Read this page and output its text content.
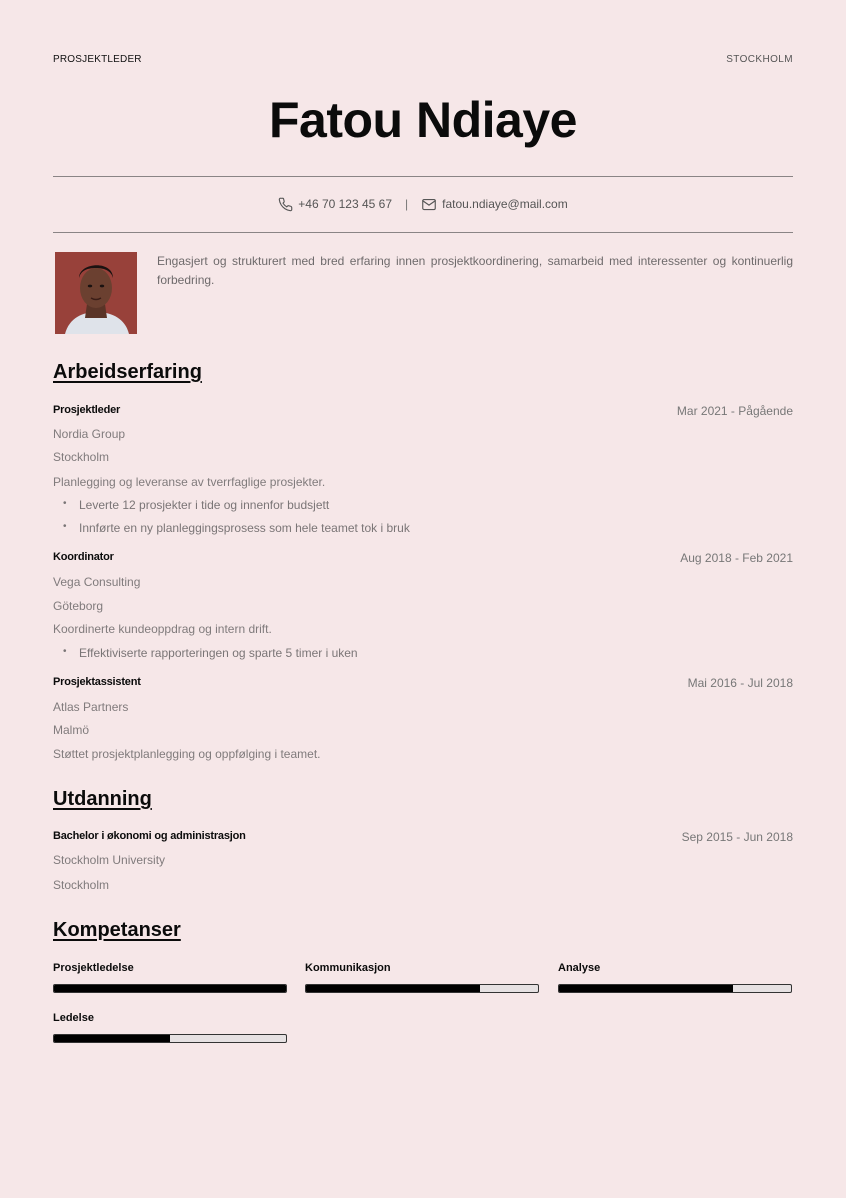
PROSJEKTLEDER	STOCKHOLM
Fatou Ndiaye
+46 70 123 45 67 |	fatou.ndiaye@mail.com

Engasjert og strukturert med bred erfaring innen prosjektkoordinering, samarbeid med interessenter og kontinuerlig forbedring.

Arbeidserfaring
Prosjektleder	Mar 2021 - Pågående
Nordia Group
Stockholm
Planlegging og leveranse av tverrfaglige prosjekter.
• Leverte 12 prosjekter i tide og innenfor budsjett
• Innførte en ny planleggingsprosess som hele teamet tok i bruk
Koordinator	Aug 2018 - Feb 2021
Vega Consulting
Göteborg
Koordinerte kundeoppdrag og intern drift.
• Effektiviserte rapporteringen og sparte 5 timer i uken
Prosjektassistent	Mai 2016 - Jul 2018
Atlas Partners
Malmö
Støttet prosjektplanlegging og oppfølging i teamet.
Utdanning
Bachelor i økonomi og administrasjon	Sep 2015 - Jun 2018
Stockholm University
Stockholm
Kompetanser
Prosjektledelse	Kommunikasjon	Analyse
Ledelse
